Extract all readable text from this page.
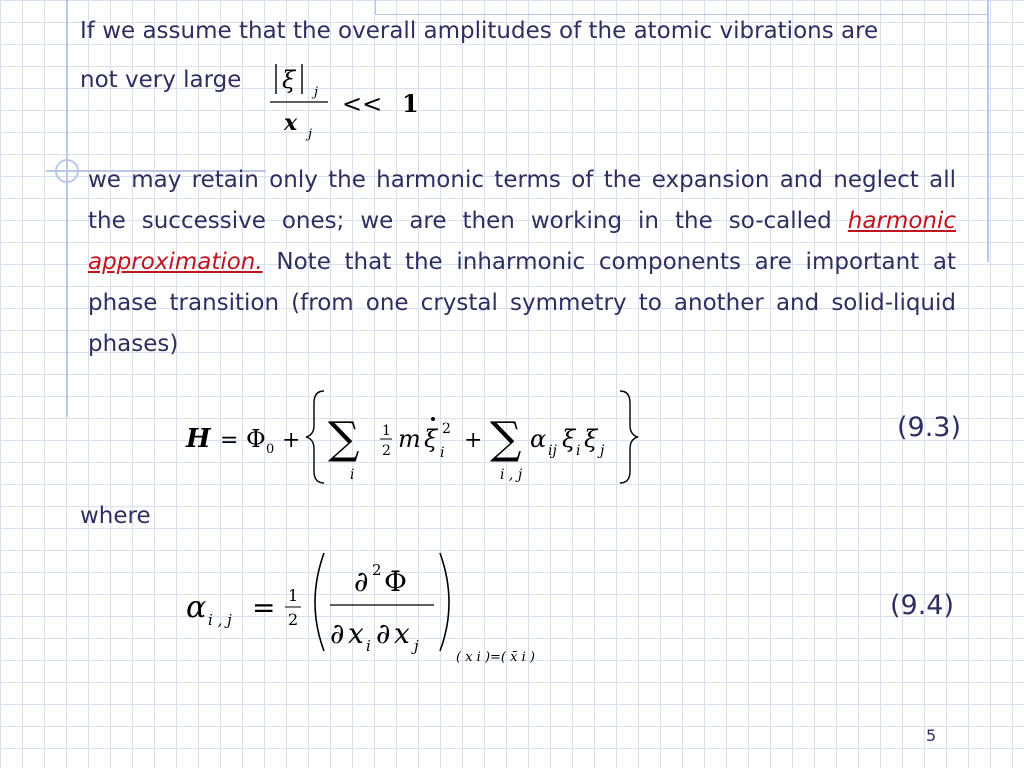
If we assume that the overall amplitudes of the atomic vibrations are
not very large	ξ j
x j
<< 1
we may retain only the harmonic terms of the expansion and neglect all the successive ones; we are then working in the so-called harmonic approximation. Note that the inharmonic components are important at phase transition (from one crystal symmetry to another and solid-liquid phases)
H = Φ 0 + ∑
i
1
2 m ξ 2
i + ∑
i , j
α ij ξ i ξ j
(9.3)
where
α i , j = 1
2
∂ 2 Φ
∂ x i ∂ x j
( x i )=( x̄ i )
(9.4)
5
